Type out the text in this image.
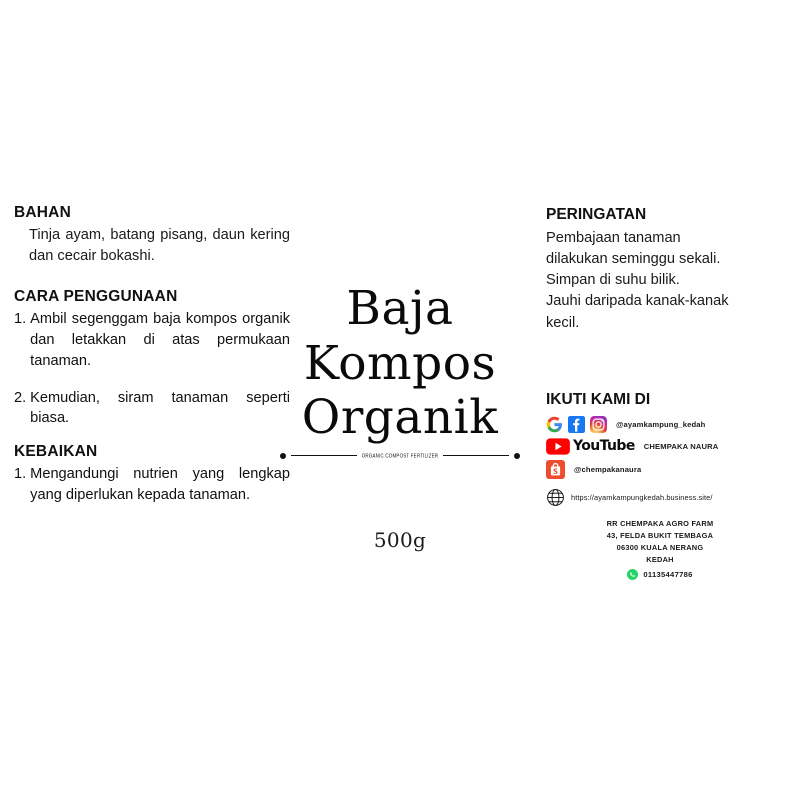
BAHAN
Tinja ayam, batang pisang, daun kering dan cecair bokashi.
CARA PENGGUNAAN
1. Ambil segenggam baja kompos organik dan letakkan di atas permukaan tanaman.
2. Kemudian, siram tanaman seperti biasa.
KEBAIKAN
1. Mengandungi nutrien yang lengkap yang diperlukan kepada tanaman.
Baja
Kompos
Organik
ORGANIC COMPOST FERTILIZER
500g
PERINGATAN
Pembajaan tanaman
dilakukan seminggu sekali.
Simpan di suhu bilik.
Jauhi daripada kanak-kanak
kecil.
IKUTI KAMI DI
@ayamkampung_kedah
YouTube CHEMPAKA NAURA
@chempakanaura
https://ayamkampungkedah.business.site/
RR CHEMPAKA AGRO FARM
43, FELDA BUKIT TEMBAGA
06300 KUALA NERANG
KEDAH
01135447786
